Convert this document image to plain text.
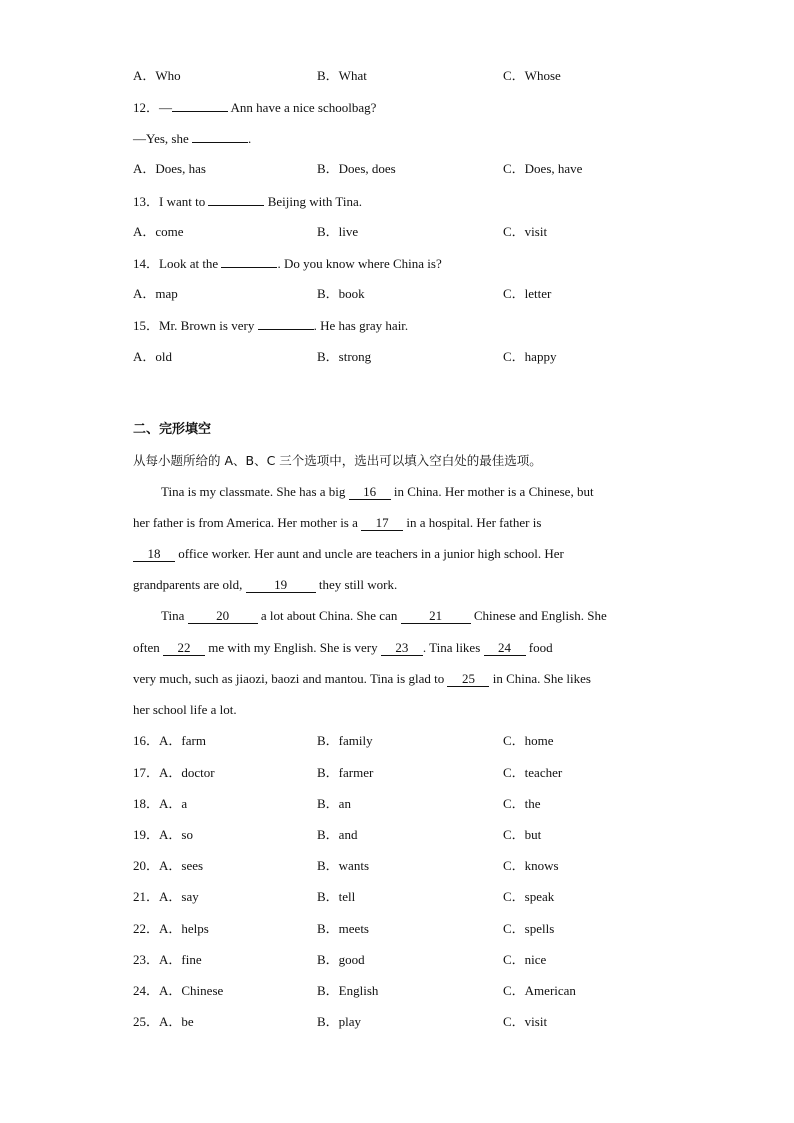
A．Who	B．What	C．Whose
12．—	Ann have a nice schoolbag?
—Yes, she	.
A．Does, has	B．Does, does	C．Does, have
13．I want to	Beijing with Tina.
A．come	B．live	C．visit
14．Look at the	. Do you know where China is?
A．map	B．book	C．letter
15．Mr. Brown is very	. He has gray hair.
A．old	B．strong	C．happy
二、完形填空
从每小题所给的 A、B、C 三个选项中，选出可以填入空白处的最佳选项。
Tina is my classmate. She has a big 16 in China. Her mother is a Chinese, but
her father is from America. Her mother is a 17 in a hospital. Her father is
18 office worker. Her aunt and uncle are teachers in a junior high school. Her
grandparents are old, 19 they still work.
Tina 20 a lot about China. She can 21 Chinese and English. She
often 22 me with my English. She is very 23 . Tina likes 24 food
very much, such as jiaozi, baozi and mantou. Tina is glad to 25 in China. She likes
her school life a lot.
16．A．farm	B．family	C．home
17．A．doctor	B．farmer	C．teacher
18．A．a	B．an	C．the
19．A．so	B．and	C．but
20．A．sees	B．wants	C．knows
21．A．say	B．tell	C．speak
22．A．helps	B．meets	C．spells
23．A．fine	B．good	C．nice
24．A．Chinese	B．English	C．American
25．A．be	B．play	C．visit
